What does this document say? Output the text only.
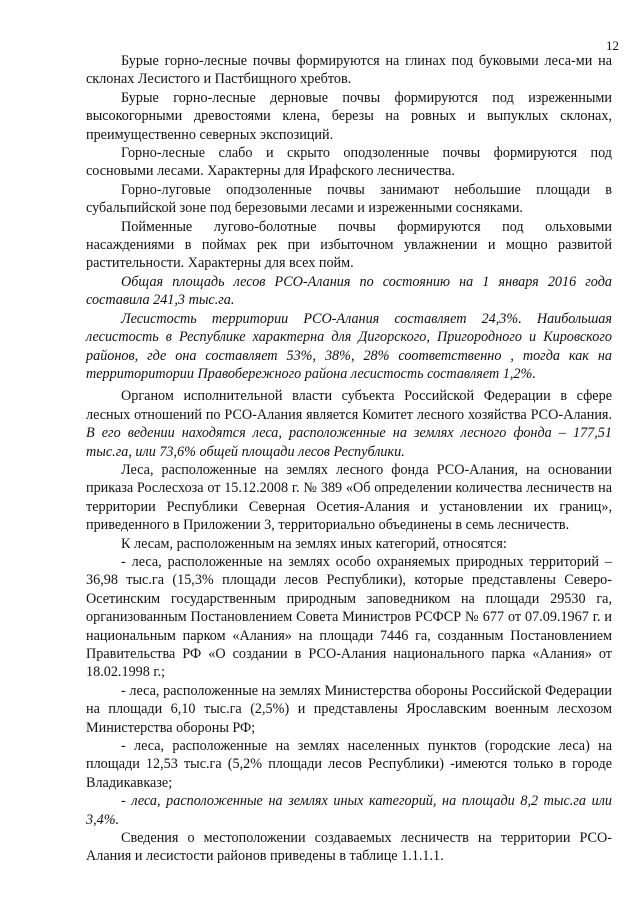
12

Бурые горно-лесные почвы формируются на глинах под буковыми леса-ми на склонах Лесистого и Пастбищного хребтов.

Бурые горно-лесные дерновые почвы формируются под изреженными высокогорными древостоями клена, березы на ровных и выпуклых склонах, преимущественно северных экспозиций.

Горно-лесные слабо и скрыто оподзоленные почвы формируются под сосновыми лесами. Характерны для Ирафского лесничества.

Горно-луговые оподзоленные почвы занимают небольшие площади в субальпийской зоне под березовыми лесами и изреженными сосняками.

Пойменные лугово-болотные почвы формируются под ольховыми насаждениями в поймах рек при избыточном увлажнении и мощно развитой растительности. Характерны для всех пойм.

Общая площадь лесов РСО-Алания по состоянию на 1 января 2016 года составила 241,3 тыс.га.

Лесистость территории РСО-Алания составляет 24,3%. Наибольшая лесистость в Республике характерна для Дигорского, Пригородного и Кировского районов, где она составляет 53%, 38%, 28% соответственно , тогда как на территоритории Правобережного района лесистость составляет 1,2%.

Органом исполнительной власти субъекта Российской Федерации в сфере лесных отношений по РСО-Алания является Комитет лесного хозяйства РСО-Алания. В его ведении находятся леса, расположенные на землях лесного фонда – 177,51 тыс.га, или 73,6% общей площади лесов Республики.

Леса, расположенные на землях лесного фонда РСО-Алания, на основании приказа Рослесхоза от 15.12.2008 г. № 389 «Об определении количества лесничеств на территории Республики Северная Осетия-Алания и установлении их границ», приведенного в Приложении 3, территориально объединены в семь лесничеств.

К лесам, расположенным на землях иных категорий, относятся:

- леса, расположенные на землях особо охраняемых природных территорий – 36,98 тыс.га (15,3% площади лесов Республики), которые представлены Северо-Осетинским государственным природным заповедником на площади 29530 га, организованным Постановлением Совета Министров РСФСР № 677 от 07.09.1967 г. и национальным парком «Алания» на площади 7446 га, созданным Постановлением Правительства РФ «О создании в РСО-Алания национального парка «Алания» от 18.02.1998 г.;

- леса, расположенные на землях Министерства обороны Российской Федерации на площади 6,10 тыс.га (2,5%) и представлены Ярославским военным лесхозом Министерства обороны РФ;

- леса, расположенные на землях населенных пунктов (городские леса) на площади 12,53 тыс.га (5,2% площади лесов Республики) -имеются только в городе Владикавказе;

- леса, расположенные на землях иных категорий, на площади 8,2 тыс.га или 3,4%.

Сведения о местоположении создаваемых лесничеств на территории РСО-Алания и лесистости районов приведены в таблице 1.1.1.1.
